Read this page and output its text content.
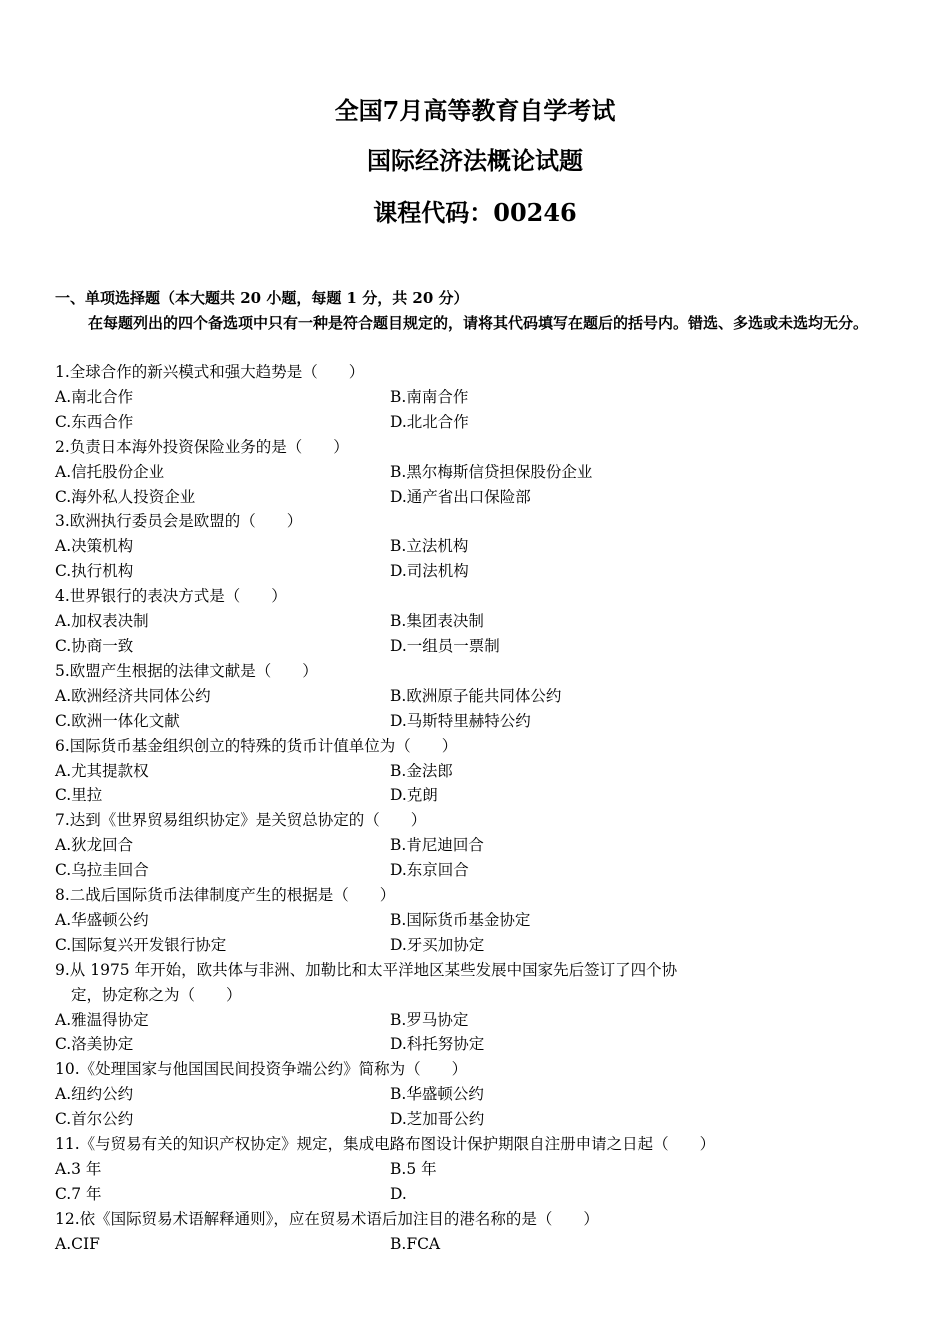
全国7月高等教育自学考试
国际经济法概论试题
课程代码：00246
一、单项选择题（本大题共 20 小题，每题 1 分，共 20 分）
在每题列出的四个备选项中只有一种是符合题目规定的，请将其代码填写在题后的括号内。错选、多选或未选均无分。
1.全球合作的新兴模式和强大趋势是（　　）
A.南北合作	B.南南合作
C.东西合作	D.北北合作
2.负责日本海外投资保险业务的是（　　）
A.信托股份企业	B.黑尔梅斯信贷担保股份企业
C.海外私人投资企业	D.通产省出口保险部
3.欧洲执行委员会是欧盟的（　　）
A.决策机构	B.立法机构
C.执行机构	D.司法机构
4.世界银行的表决方式是（　　）
A.加权表决制	B.集团表决制
C.协商一致	D.一组员一票制
5.欧盟产生根据的法律文献是（　　）
A.欧洲经济共同体公约	B.欧洲原子能共同体公约
C.欧洲一体化文献	D.马斯特里赫特公约
6.国际货币基金组织创立的特殊的货币计值单位为（　　）
A.尤其提款权	B.金法郎
C.里拉	D.克朗
7.达到《世界贸易组织协定》是关贸总协定的（　　）
A.狄龙回合	B.肯尼迪回合
C.乌拉圭回合	D.东京回合
8.二战后国际货币法律制度产生的根据是（　　）
A.华盛顿公约	B.国际货币基金协定
C.国际复兴开发银行协定	D.牙买加协定
9.从 1975 年开始，欧共体与非洲、加勒比和太平洋地区某些发展中国家先后签订了四个协定，协定称之为（　　）
A.雅温得协定	B.罗马协定
C.洛美协定	D.科托努协定
10.《处理国家与他国国民间投资争端公约》简称为（　　）
A.纽约公约	B.华盛顿公约
C.首尔公约	D.芝加哥公约
11.《与贸易有关的知识产权协定》规定，集成电路布图设计保护期限自注册申请之日起（　　）
A.3 年	B.5 年
C.7 年	D.
12.依《国际贸易术语解释通则》，应在贸易术语后加注目的港名称的是（　　）
A.CIF	B.FCA
